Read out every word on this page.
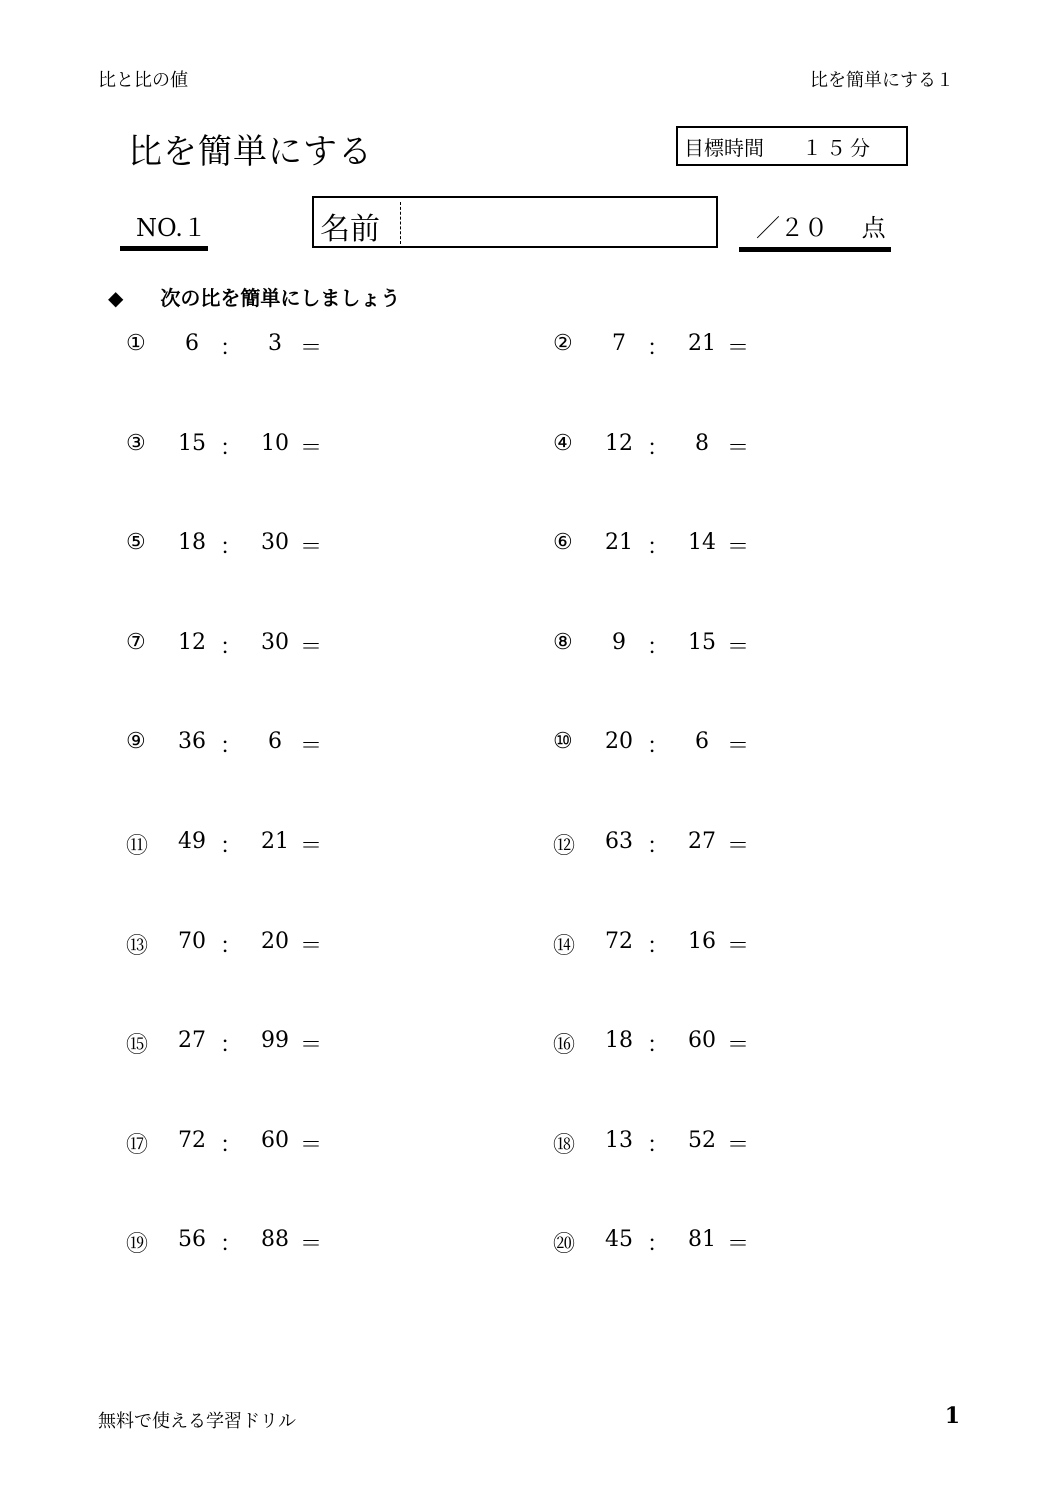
比と比の値	比を簡単にする１
比を簡単にする	目標時間 １５分
NO.１	名前	／２０ 点
◆ 次の比を簡単にしましょう
①	6 ：	3 ＝	②	7 ： 21 ＝
③ 15 ： 10 ＝	④ 12 ：	8 ＝
⑤ 18 ： 30 ＝	⑥ 21 ： 14 ＝
⑦ 12 ： 30 ＝	⑧	9 ： 15 ＝
⑨ 36 ：	6 ＝	⑩ 20 ：	6 ＝
⑪ 49 ： 21 ＝	⑫ 63 ： 27 ＝
⑬ 70 ： 20 ＝	⑭ 72 ： 16 ＝
⑮ 27 ： 99 ＝	⑯ 18 ： 60 ＝
⑰ 72 ： 60 ＝	⑱ 13 ： 52 ＝
⑲ 56 ： 88 ＝	⑳ 45 ： 81 ＝
無料で使える学習ドリル	1
